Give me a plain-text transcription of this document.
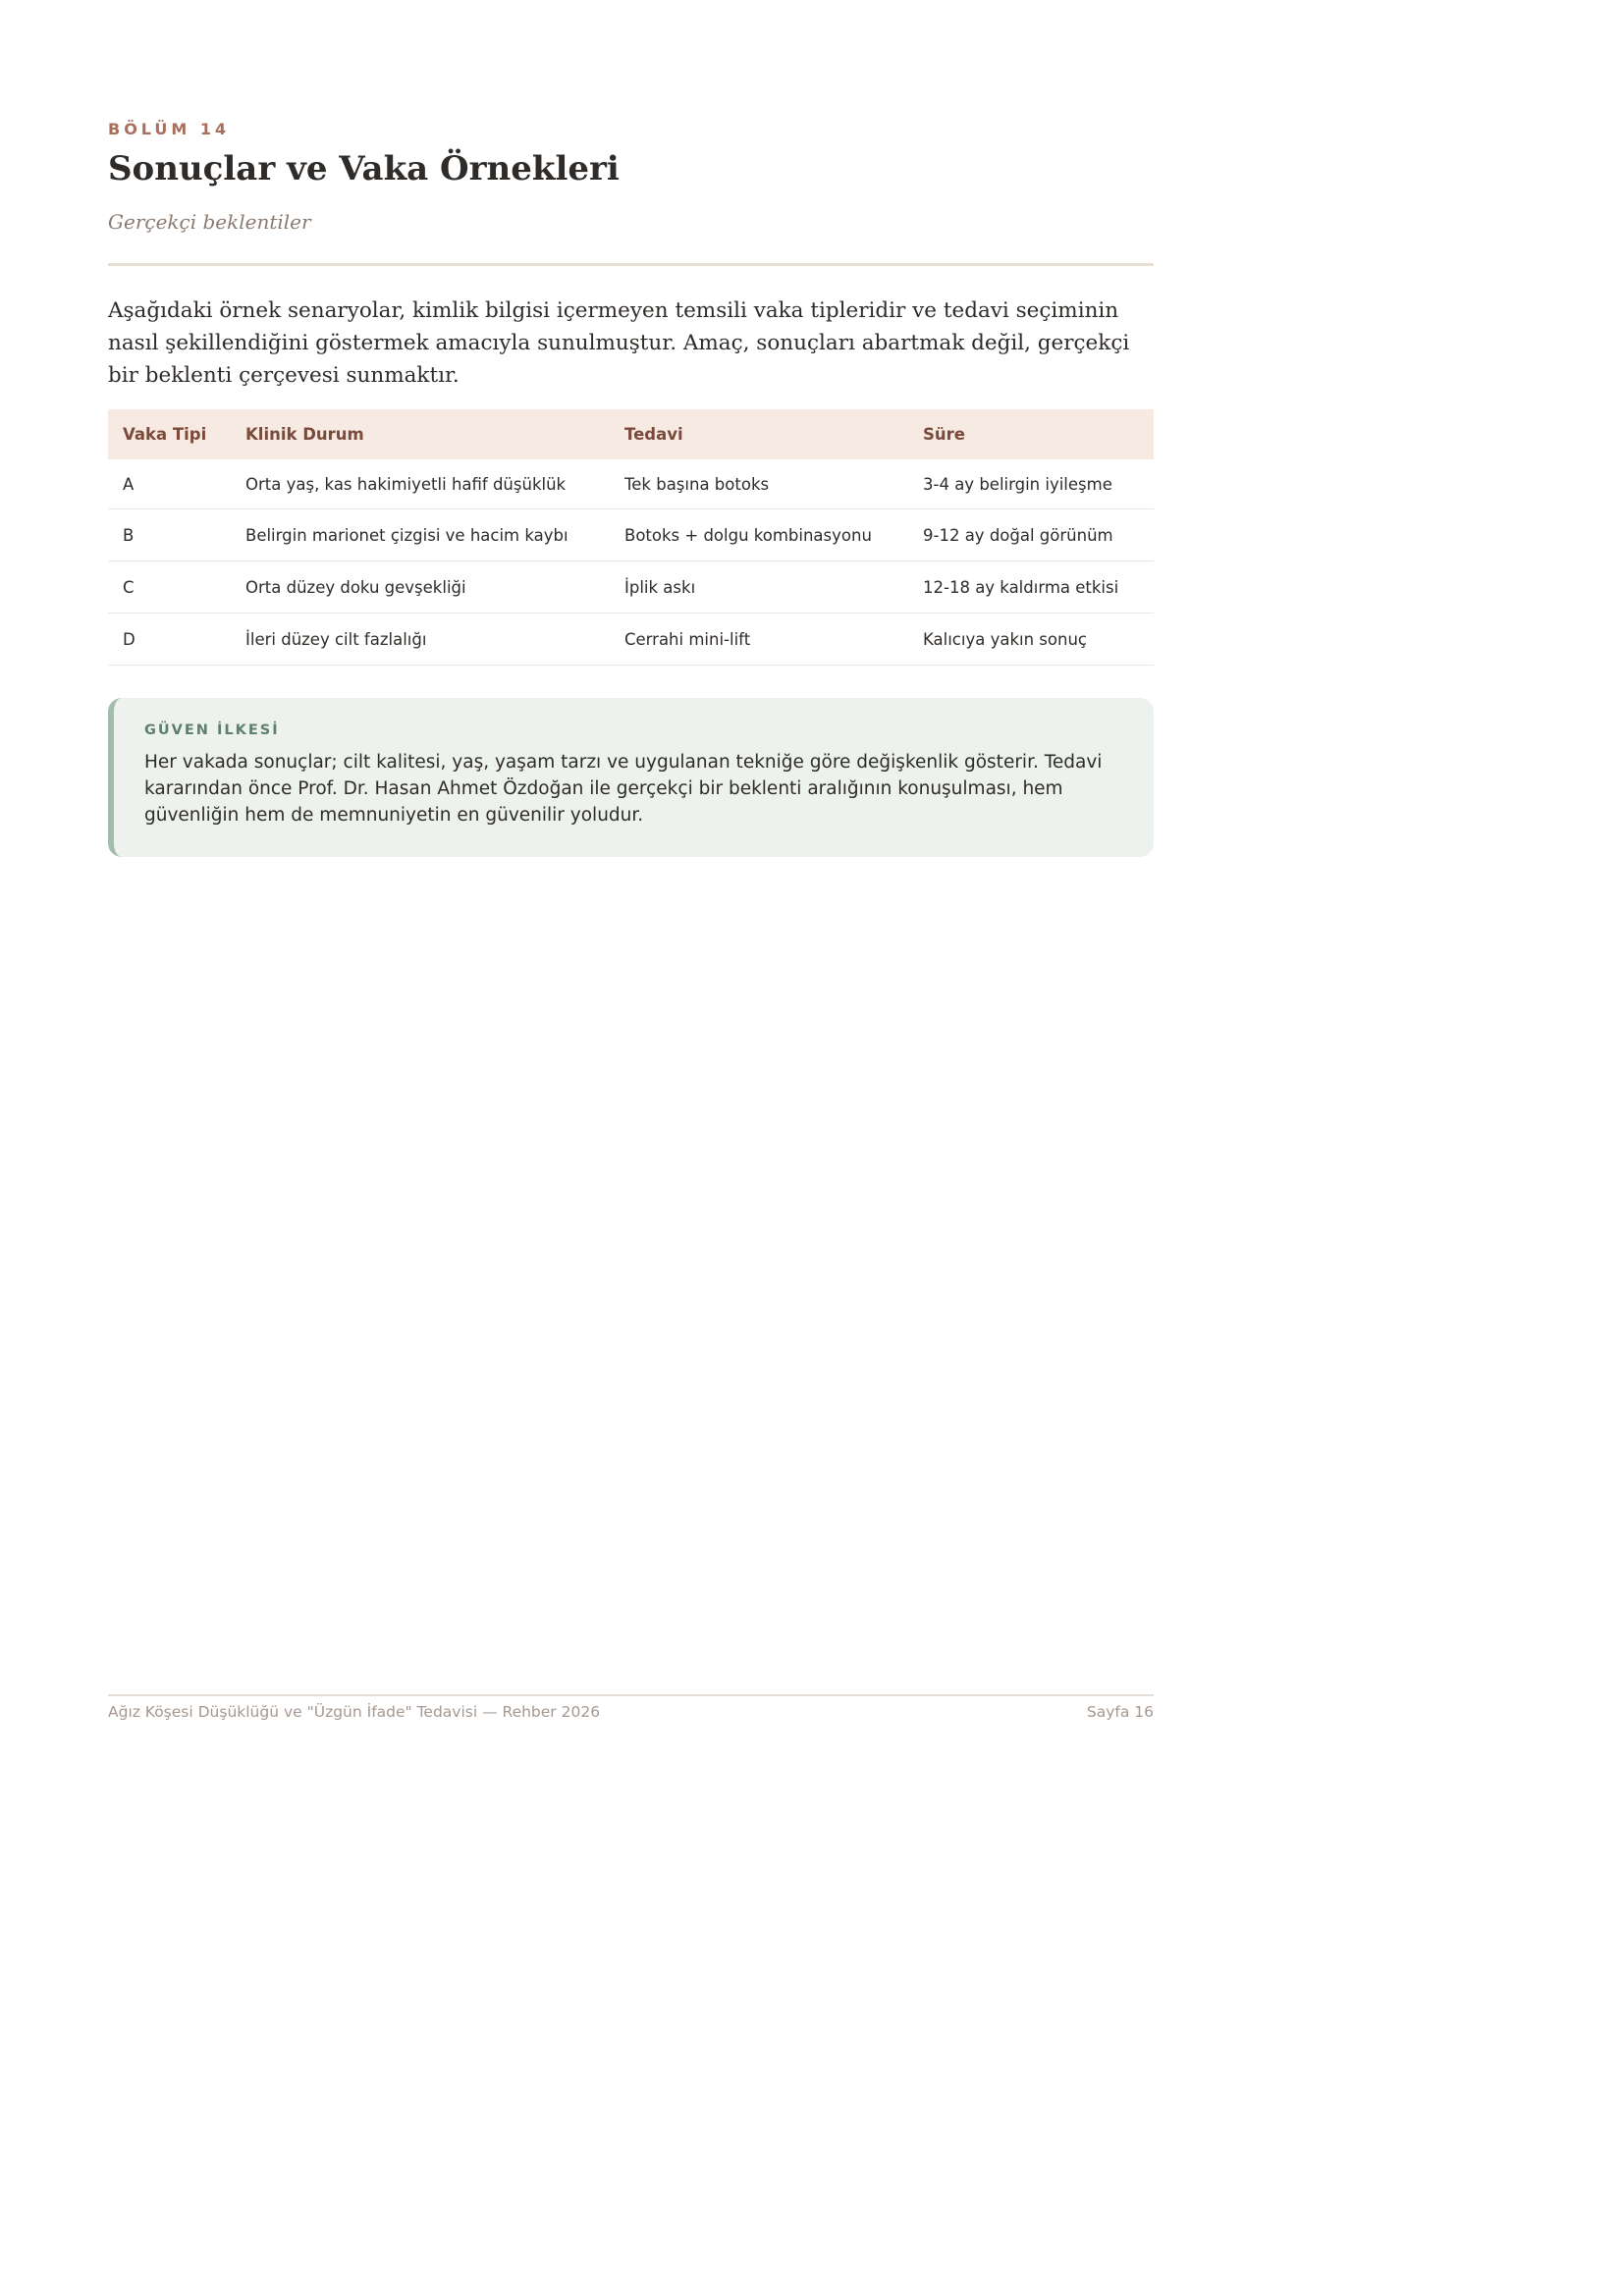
BÖLÜM 14
Sonuçlar ve Vaka Örnekleri
Gerçekçi beklentiler

Aşağıdaki örnek senaryolar, kimlik bilgisi içermeyen temsili vaka tipleridir ve tedavi seçiminin nasıl şekillendiğini göstermek amacıyla sunulmuştur. Amaç, sonuçları abartmak değil, gerçekçi bir beklenti çerçevesi sunmaktır.

Vaka Tipi	Klinik Durum	Tedavi	Süre
A	Orta yaş, kas hakimiyetli hafif düşüklük	Tek başına botoks	3-4 ay belirgin iyileşme
B	Belirgin marionet çizgisi ve hacim kaybı	Botoks + dolgu kombinasyonu	9-12 ay doğal görünüm
C	Orta düzey doku gevşekliği	İplik askı	12-18 ay kaldırma etkisi
D	İleri düzey cilt fazlalığı	Cerrahi mini-lift	Kalıcıya yakın sonuç
GÜVEN İLKESİ

Her vakada sonuçlar; cilt kalitesi, yaş, yaşam tarzı ve uygulanan tekniğe göre değişkenlik gösterir. Tedavi kararından önce Prof. Dr. Hasan Ahmet Özdoğan ile gerçekçi bir beklenti aralığının konuşulması, hem güvenliğin hem de memnuniyetin en güvenilir yoludur.

Ağız Köşesi Düşüklüğü ve "Üzgün İfade" Tedavisi — Rehber 2026	Sayfa 16
